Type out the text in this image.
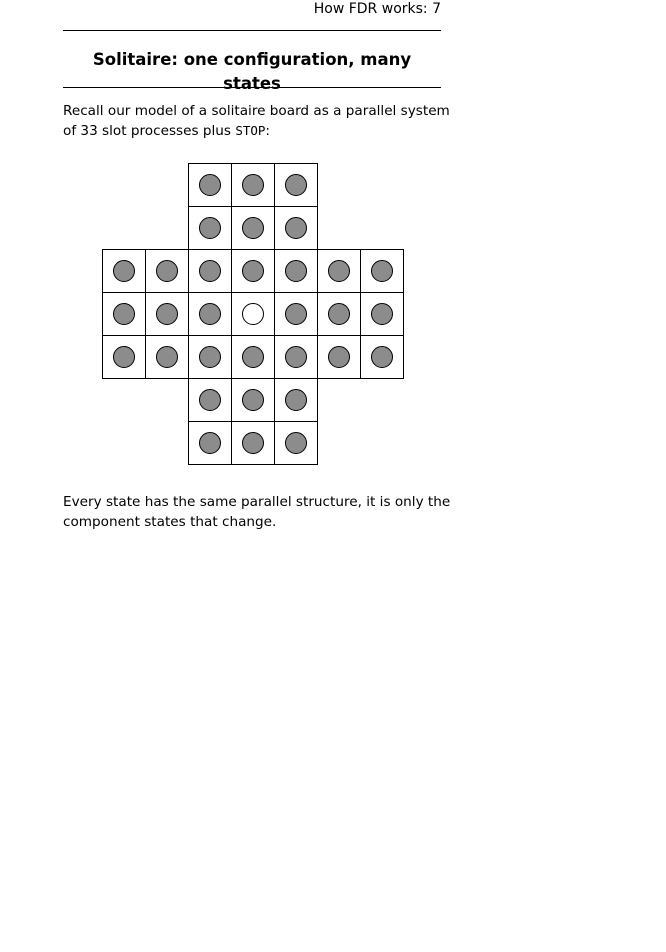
How FDR works: 7
Solitaire: one configuration, many states
Recall our model of a solitaire board as a parallel system of 33 slot processes plus STOP:
Every state has the same parallel structure, it is only the component states that change.
